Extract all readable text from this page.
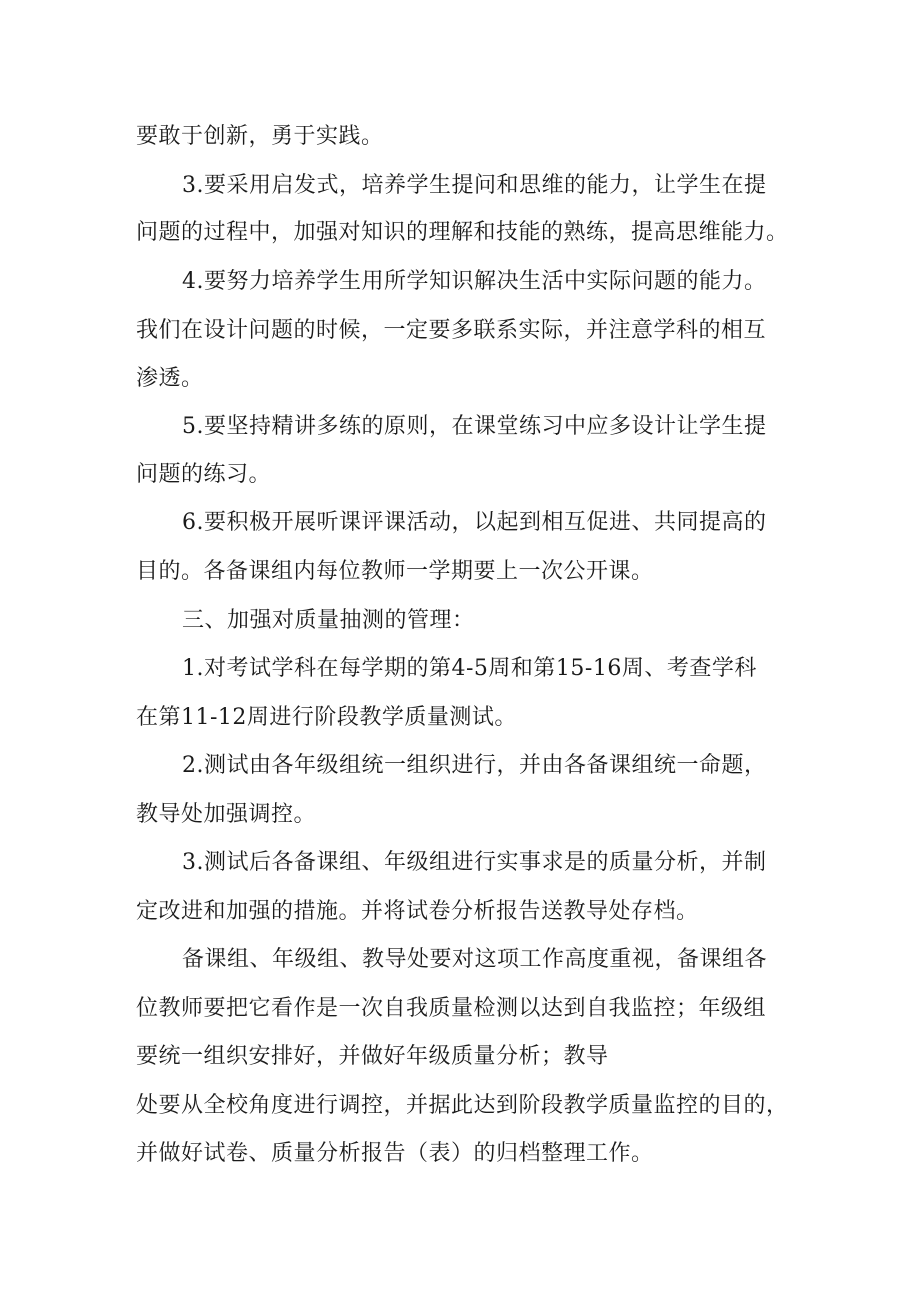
要敢于创新，勇于实践。
3.要采用启发式，培养学生提问和思维的能力，让学生在提
问题的过程中，加强对知识的理解和技能的熟练，提高思维能力。
4.要努力培养学生用所学知识解决生活中实际问题的能力。
我们在设计问题的时候，一定要多联系实际，并注意学科的相互
渗透。
5.要坚持精讲多练的原则，在课堂练习中应多设计让学生提
问题的练习。
6.要积极开展听课评课活动，以起到相互促进、共同提高的
目的。各备课组内每位教师一学期要上一次公开课。
三、加强对质量抽测的管理：
1.对考试学科在每学期的第4-5周和第15-16周、考查学科
在第11-12周进行阶段教学质量测试。
2.测试由各年级组统一组织进行，并由各备课组统一命题，
教导处加强调控。
3.测试后各备课组、年级组进行实事求是的质量分析，并制
定改进和加强的措施。并将试卷分析报告送教导处存档。
备课组、年级组、教导处要对这项工作高度重视，备课组各
位教师要把它看作是一次自我质量检测以达到自我监控；年级组
要统一组织安排好，并做好年级质量分析；教导
处要从全校角度进行调控，并据此达到阶段教学质量监控的目的，
并做好试卷、质量分析报告（表）的归档整理工作。
